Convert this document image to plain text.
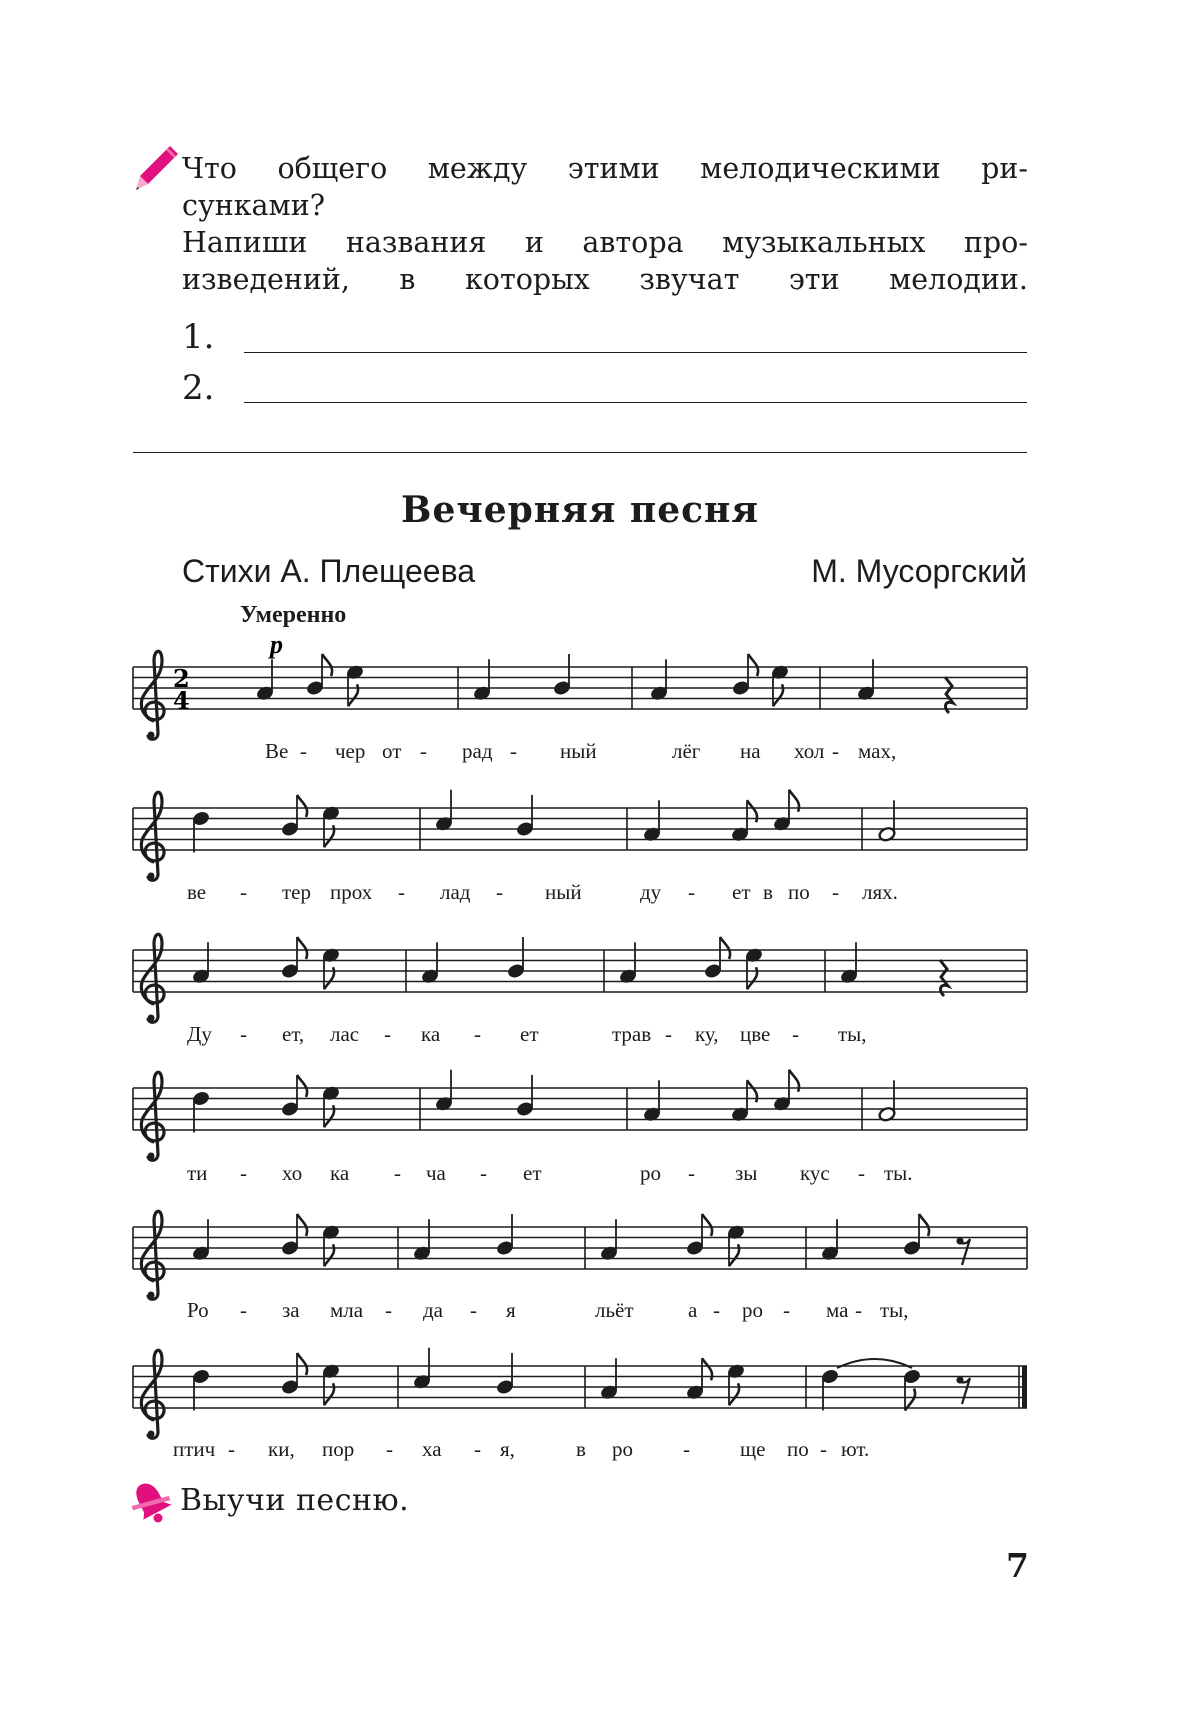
Что общего между этими мелодическими ри-
сунками?
Напиши названия и автора музыкальных про-
изведений, в которых звучат эти мелодии.
1.
2.
Вечерняя песня
Стихи А. Плещеева	М. Мусоргский
Умеренно
2
4
p
Ве - чер от - рад - ный	лёг на хол - мах,
ве - тер прох - лад - ный	ду - ет в по - лях.
Ду - ет, лас - ка - ет	трав - ку, цве - ты,
ти - хо ка - ча - ет	ро - зы кус - ты.
Ро - за мла - да - я	льёт	а - ро - ма - ты,
птич - ки, пор - ха - я,	в ро - ще по - ют.
Выучи песню.
7
